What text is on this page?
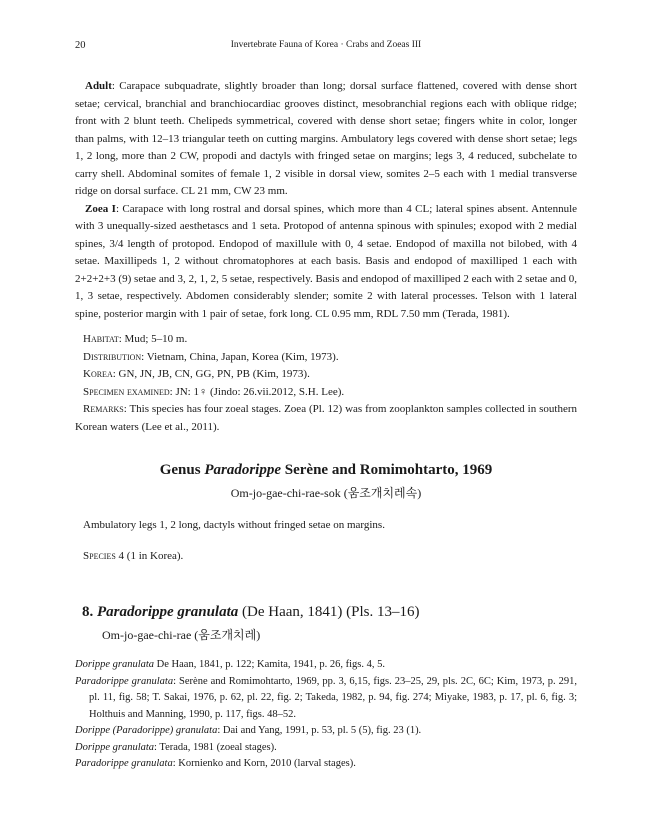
20	Invertebrate Fauna of Korea · Crabs and Zoeas III

Adult: Carapace subquadrate, slightly broader than long; dorsal surface flattened, covered with dense short setae; cervical, branchial and branchiocardiac grooves distinct, mesobranchial regions each with oblique ridge; front with 2 blunt teeth. Chelipeds symmetrical, covered with dense short setae; fingers white in color, longer than palms, with 12–13 triangular teeth on cutting margins. Ambulatory legs covered with dense short setae; legs 1, 2 long, more than 2 CW, propodi and dactyls with fringed setae on margins; legs 3, 4 reduced, subchelate to carry shell. Abdominal somites of female 1, 2 visible in dorsal view, somites 2–5 each with 1 medial transverse ridge on dorsal surface. CL 21 mm, CW 23 mm.

Zoea I: Carapace with long rostral and dorsal spines, which more than 4 CL; lateral spines absent. Antennule with 3 unequally-sized aesthetascs and 1 seta. Protopod of antenna spinous with spinules; exopod with 2 medial spines, 3/4 length of protopod. Endopod of maxillule with 0, 4 setae. Endopod of maxilla not bilobed, with 4 setae. Maxillipeds 1, 2 without chromatophores at each basis. Basis and endopod of maxilliped 1 each with 2+2+2+3 (9) setae and 3, 2, 1, 2, 5 setae, respectively. Basis and endopod of maxilliped 2 each with 2 setae and 0, 1, 3 setae, respectively. Abdomen considerably slender; somite 2 with lateral processes. Telson with 1 lateral spine, posterior margin with 1 pair of setae, fork long. CL 0.95 mm, RDL 7.50 mm (Terada, 1981).

Habitat: Mud; 5–10 m.

Distribution: Vietnam, China, Japan, Korea (Kim, 1973).

Korea: GN, JN, JB, CN, GG, PN, PB (Kim, 1973).

Specimen examined: JN: 1♀ (Jindo: 26.vii.2012, S.H. Lee).

Remarks: This species has four zoeal stages. Zoea (Pl. 12) was from zooplankton samples collected in southern Korean waters (Lee et al., 2011).

Genus Paradorippe Serène and Romimohtarto, 1969
Om-jo-gae-chi-rae-sok (움조개치레속)

Ambulatory legs 1, 2 long, dactyls without fringed setae on margins.

Species 4 (1 in Korea).

8. Paradorippe granulata (De Haan, 1841) (Pls. 13–16)
Om-jo-gae-chi-rae (움조개치레)

Dorippe granulata De Haan, 1841, p. 122; Kamita, 1941, p. 26, figs. 4, 5.

Paradorippe granulata: Serène and Romimohtarto, 1969, pp. 3, 6,15, figs. 23–25, 29, pls. 2C, 6C; Kim, 1973, p. 291, pl. 11, fig. 58; T. Sakai, 1976, p. 62, pl. 22, fig. 2; Takeda, 1982, p. 94, fig. 274; Miyake, 1983, p. 17, pl. 6, fig. 3; Holthuis and Manning, 1990, p. 117, figs. 48–52.

Dorippe (Paradorippe) granulata: Dai and Yang, 1991, p. 53, pl. 5 (5), fig. 23 (1).

Dorippe granulata: Terada, 1981 (zoeal stages).

Paradorippe granulata: Kornienko and Korn, 2010 (larval stages).
